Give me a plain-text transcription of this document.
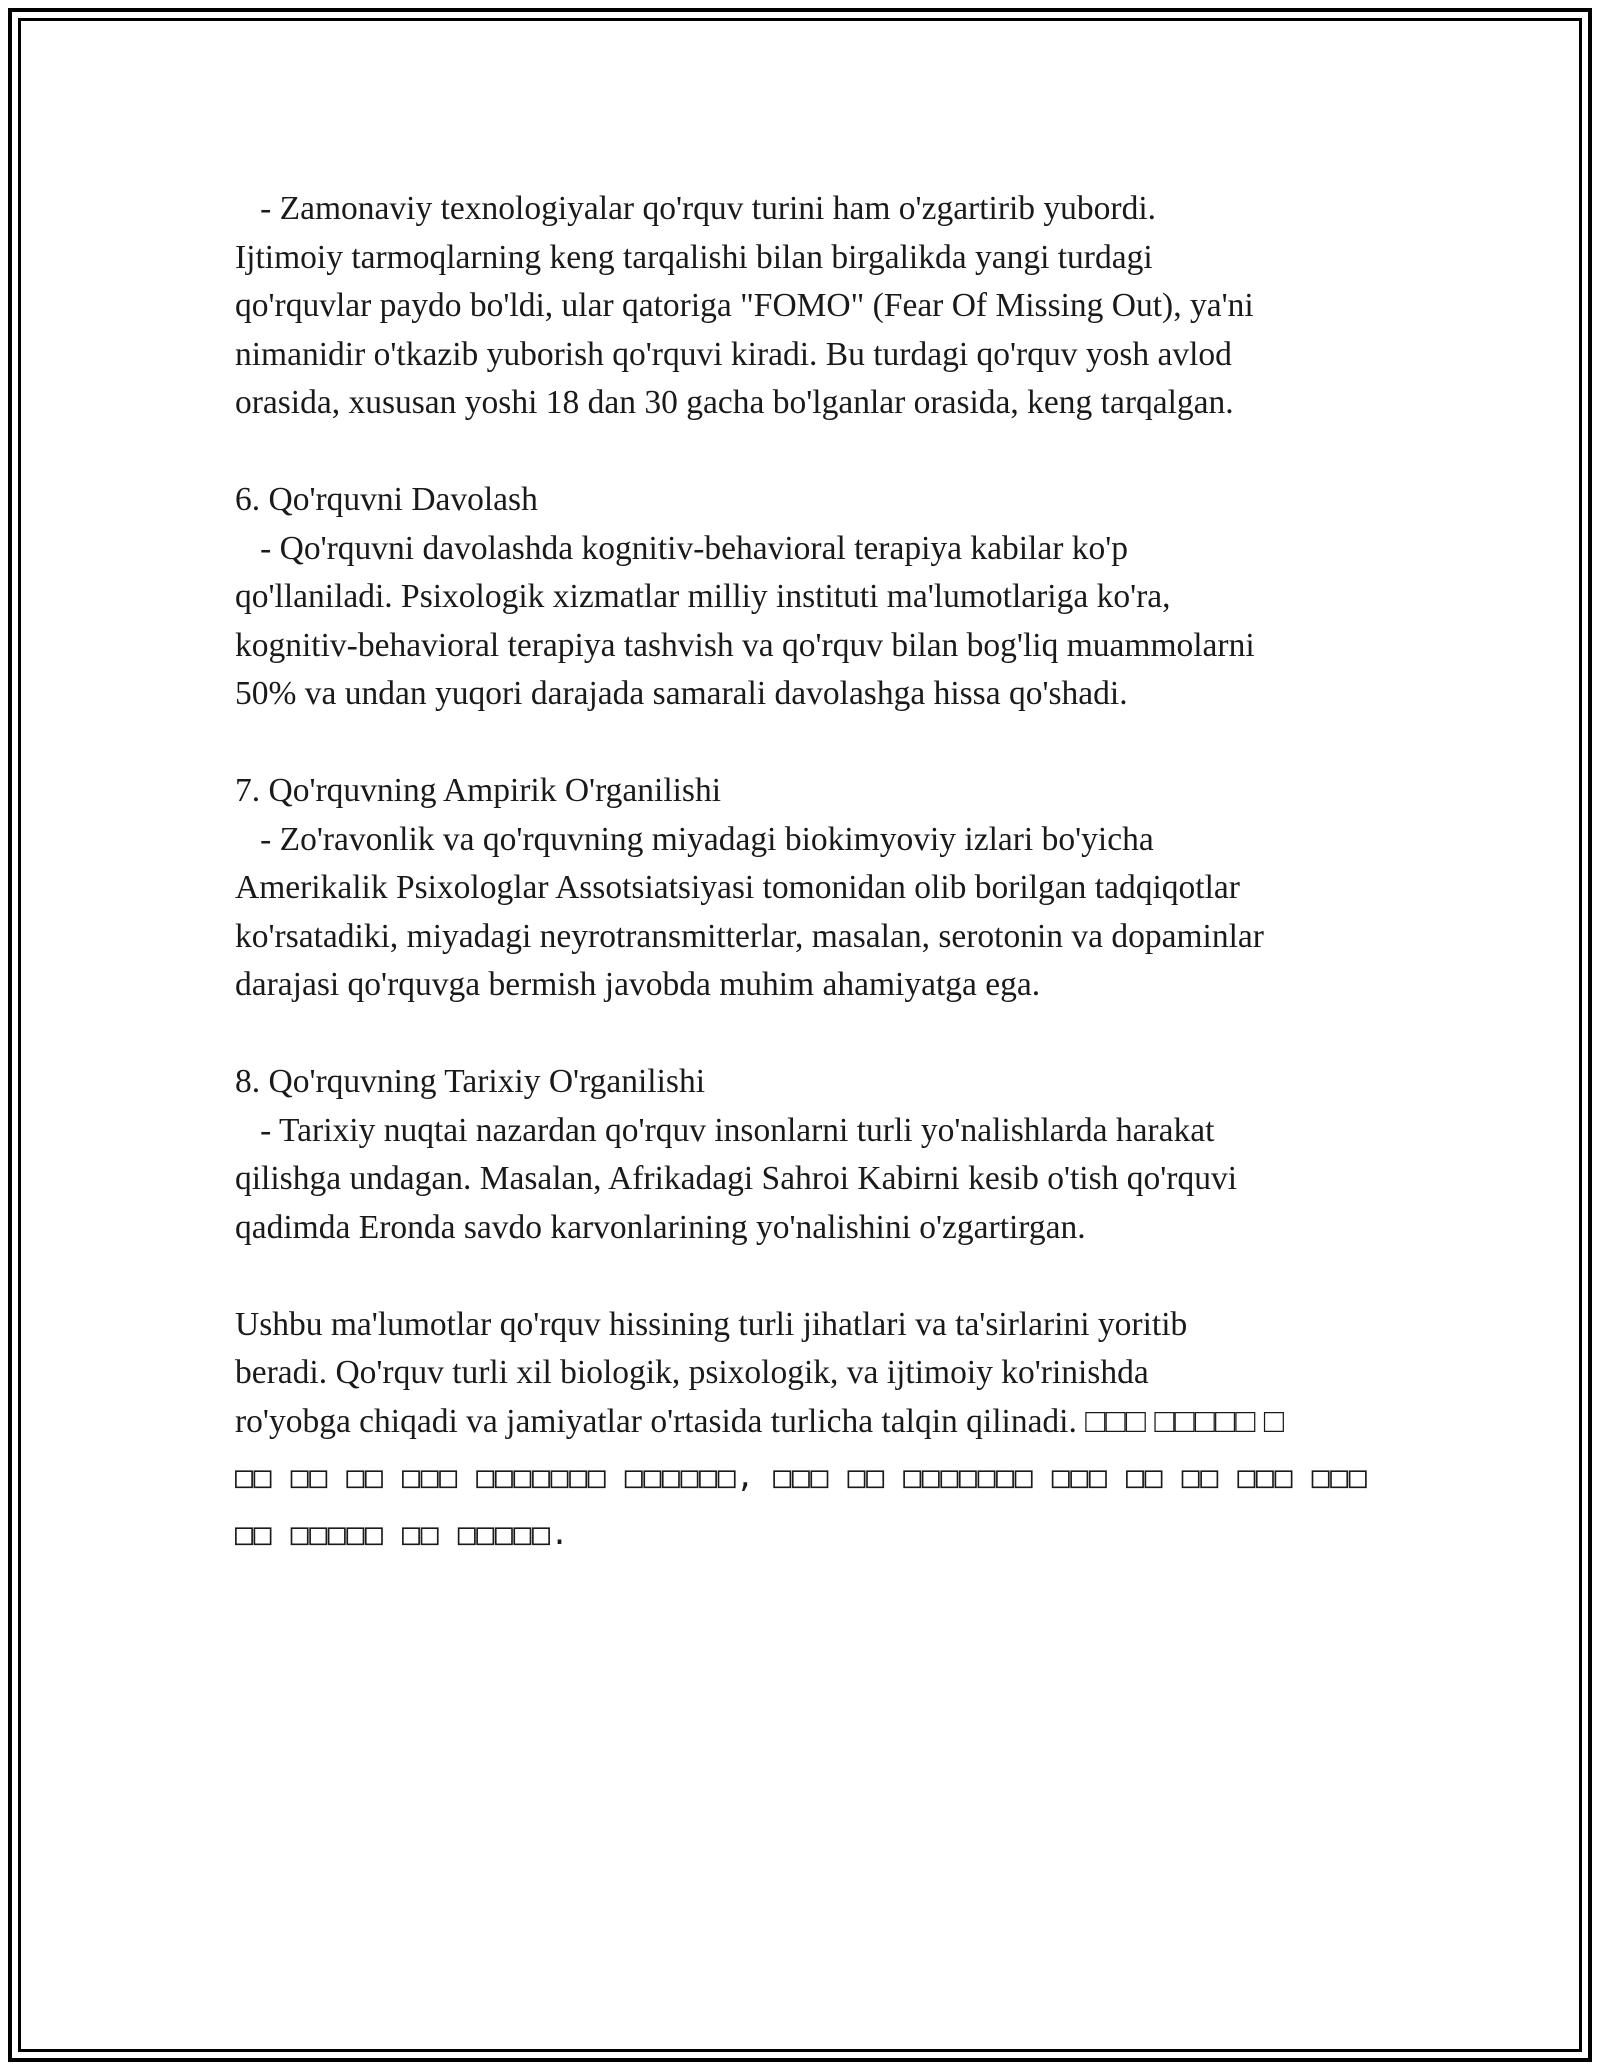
- Zamonaviy texnologiyalar qo'rquv turini ham o'zgartirib yubordi.
Ijtimoiy tarmoqlarning keng tarqalishi bilan birgalikda yangi turdagi
qo'rquvlar paydo bo'ldi, ular qatoriga "FOMO" (Fear Of Missing Out), ya'ni
nimanidir o'tkazib yuborish qo'rquvi kiradi. Bu turdagi qo'rquv yosh avlod
orasida, xususan yoshi 18 dan 30 gacha bo'lganlar orasida, keng tarqalgan.
6. Qo'rquvni Davolash
- Qo'rquvni davolashda kognitiv-behavioral terapiya kabilar ko'p
qo'llaniladi. Psixologik xizmatlar milliy instituti ma'lumotlariga ko'ra,
kognitiv-behavioral terapiya tashvish va qo'rquv bilan bog'liq muammolarni
50% va undan yuqori darajada samarali davolashga hissa qo'shadi.
7. Qo'rquvning Ampirik O'rganilishi
- Zo'ravonlik va qo'rquvning miyadagi biokimyoviy izlari bo'yicha
Amerikalik Psixologlar Assotsiatsiyasi tomonidan olib borilgan tadqiqotlar
ko'rsatadiki, miyadagi neyrotransmitterlar, masalan, serotonin va dopaminlar
darajasi qo'rquvga bermish javobda muhim ahamiyatga ega.
8. Qo'rquvning Tarixiy O'rganilishi
- Tarixiy nuqtai nazardan qo'rquv insonlarni turli yo'nalishlarda harakat
qilishga undagan. Masalan, Afrikadagi Sahroi Kabirni kesib o'tish qo'rquvi
qadimda Eronda savdo karvonlarining yo'nalishini o'zgartirgan.
Ushbu ma'lumotlar qo'rquv hissining turli jihatlari va ta'sirlarini yoritib
beradi. Qo'rquv turli xil biologik, psixologik, va ijtimoiy ko'rinishda
ro'yobga chiqadi va jamiyatlar o'rtasida turlicha talqin qilinadi. □□□ □□□□□ □
□□ □□ □□ □□□ □□□□□□□ □□□□□□, □□□ □□ □□□□□□□ □□□ □□ □□ □□□ □□□
□□ □□□□□ □□ □□□□□.
